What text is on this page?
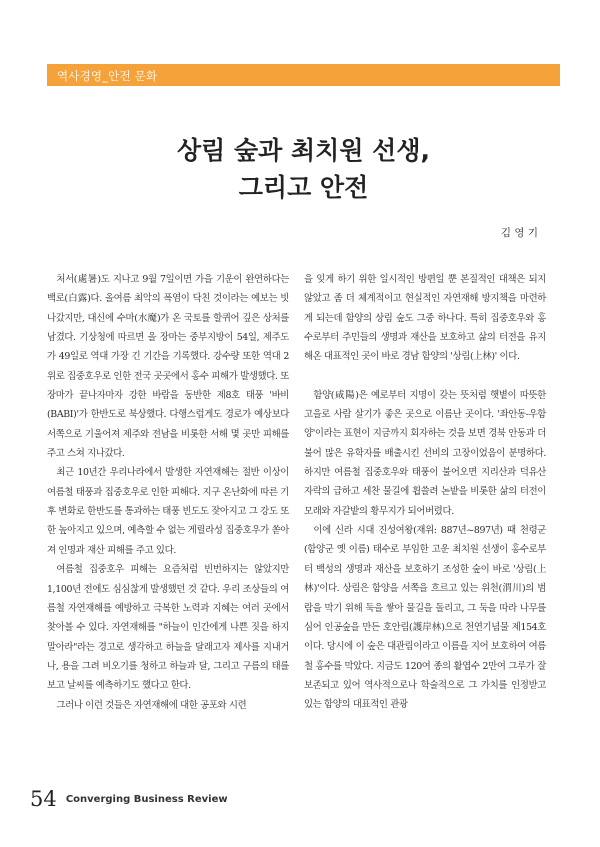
역사경영_안전 문화
상림 숲과 최치원 선생,
그리고 안전
김 영 기

처서(處暑)도 지나고 9월 7일이면 가을 기운이 완연하다는 백로(白露)다. 올여름 최악의 폭염이 닥친 것이라는 예보는 빗나갔지만, 대신에 수마(水魔)가 온 국토를 할퀴어 깊은 상처를 남겼다. 기상청에 따르면 올 장마는 중부지방이 54일, 제주도가 49일로 역대 가장 긴 기간을 기록했다. 강수량 또한 역대 2위로 집중호우로 인한 전국 곳곳에서 홍수 피해가 발생했다. 또 장마가 끝나자마자 강한 바람을 동반한 제8호 태풍 '바비(BABI)'가 한반도로 북상했다. 다행스럽게도 경로가 예상보다 서쪽으로 기울어져 제주와 전남을 비롯한 서해 몇 곳만 피해를 주고 스쳐 지나갔다.

최근 10년간 우리나라에서 발생한 자연재해는 절반 이상이 여름철 태풍과 집중호우로 인한 피해다. 지구 온난화에 따른 기후 변화로 한반도를 통과하는 태풍 빈도도 잦아지고 그 강도 또한 높아지고 있으며, 예측할 수 없는 게릴라성 집중호우가 쏟아져 인명과 재산 피해를 주고 있다.

여름철 집중호우 피해는 요즘처럼 빈번하지는 않았지만 1,100년 전에도 심심찮게 발생했던 것 같다. 우리 조상들의 여름철 자연재해를 예방하고 극복한 노력과 지혜는 여러 곳에서 찾아볼 수 있다. 자연재해를 "하늘이 인간에게 나쁜 짓을 하지 말아라"라는 경고로 생각하고 하늘을 달래고자 제사를 지내거나, 용을 그려 비오기를 청하고 하늘과 달, 그리고 구름의 태를 보고 날씨를 예측하기도 했다고 한다.

그러나 이런 것들은 자연재해에 대한 공포와 시련

을 잊게 하기 위한 일시적인 방편일 뿐 본질적인 대책은 되지 않았고 좀 더 체계적이고 현실적인 자연재해 방지책을 마련하게 되는데 함양의 상림 숲도 그중 하나다. 특히 집중호우와 홍수로부터 주민들의 생명과 재산을 보호하고 삶의 터전을 유지해온 대표적인 곳이 바로 경남 함양의 '상림(上林)' 이다.

함양(咸陽)은 예로부터 지명이 갖는 뜻처럼 햇볕이 따뜻한 고을로 사람 살기가 좋은 곳으로 이름난 곳이다. '좌안동-우함양'이라는 표현이 지금까지 회자하는 것을 보면 경북 안동과 더불어 많은 유학자를 배출시킨 선비의 고장이었음이 분명하다. 하지만 여름철 집중호우와 태풍이 불어오면 지리산과 덕유산 자락의 급하고 세찬 물길에 휩쓸려 논밭을 비롯한 삶의 터전이 모래와 자갈밭의 황무지가 되어버렸다.

이에 신라 시대 진성여왕(재위: 887년~897년) 때 천령군(함양군 옛 이름) 태수로 부임한 고운 최치원 선생이 홍수로부터 백성의 생명과 재산을 보호하기 조성한 숲이 바로 '상림(上林)'이다. 상림은 함양을 서쪽을 흐르고 있는 위천(渭川)의 범람을 막기 위해 둑을 쌓아 물길을 돌리고, 그 둑을 따라 나무를 심어 인공숲을 만든 호안림(護岸林)으로 천연기념물 제154호이다. 당시에 이 숲은 대관림이라고 이름을 지어 보호하여 여름철 홍수를 막았다. 지금도 120여 종의 활엽수 2만여 그루가 잘 보존되고 있어 역사적으로나 학술적으로 그 가치를 인정받고 있는 함양의 대표적인 관광

54 Converging Business Review
